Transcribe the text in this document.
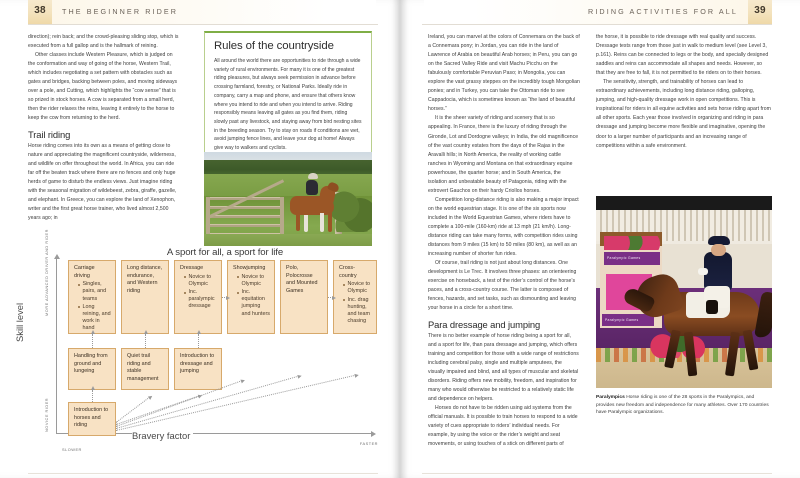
38	THE BEGINNER RIDER

direction); rein back; and the crowd-pleasing sliding stop, which is executed from a full gallop and is the hallmark of reining.

Other classes include Western Pleasure, which is judged on the conformation and way of going of the horse, Western Trail, which includes negotiating a set pattern with obstacles such as gates and bridges, backing between poles, and moving sideways over a pole, and Cutting, which highlights the “cow sense” that is so prized in stock horses. A cow is separated from a small herd, then the rider relaxes the reins, leaving it entirely to the horse to keep the cow from returning to the herd.

Trail riding

Horse riding comes into its own as a means of getting close to nature and appreciating the magnificent countryside, wilderness, and wildlife on offer throughout the world. In Africa, you can ride far off the beaten track where there are no fences and only huge herds of game to disturb the endless views. Just imagine riding with the seasonal migration of wildebeest, zebra, giraffe, gazelle, and elephant. In Greece, you can explore the land of Xenophon, writer and the first great horse trainer, who lived almost 2,500 years ago; in

Rules of the countryside

All around the world there are opportunities to ride through a wide variety of rural environments. For many it is one of the greatest riding pleasures, but always seek permission in advance before crossing farmland, forestry, or National Parks. Ideally ride in company, carry a map and phone, and ensure that others know where you intend to ride and when you intend to arrive. Riding responsibly means leaving all gates as you find them, riding slowly past any livestock, and staying away from bird nesting sites in the breeding season. Try to stay on roads if conditions are wet, avoid jumping fence lines, and leave your dog at home! Always give way to walkers and cyclists.

A sport for all, a sport for life
Skill level
Bravery factor
MORE ADVANCED DRIVER AND RIDER
NOVICE RIDER
SLOWER
FASTER
Carriage driving
Singles, pairs, and teams
Long reining, and work in hand
Long distance, endurance, and Western riding
Dressage
Novice to Olympic
Inc. paralympic dressage
Showjumping
Novice to Olympic
Inc. equitation jumping and hunters
Polo, Polocrosse and Mounted Games
Cross-country
Novice to Olympic
Inc. drag hunting, and team chasing
Handling from ground and lungeing
Quiet trail riding and stable management
Introduction to dressage and jumping
Introduction to horses and riding
39
RIDING ACTIVITIES FOR ALL

Ireland, you can marvel at the colors of Connemara on the back of a Connemara pony; in Jordan, you can ride in the land of Lawrence of Arabia on beautiful Arab horses; in Peru, you can go on the Sacred Valley Ride and visit Machu Picchu on the fabulously comfortable Peruvian Paso; in Mongolia, you can explore the vast grassy steppes on the incredibly tough Mongolian ponies; and in Turkey, you can take the Ottoman ride to see Cappadocia, which is sometimes known as “the land of beautiful horses.”

It is the sheer variety of riding and scenery that is so appealing. In France, there is the luxury of riding through the Gironde, Lot and Dordogne valleys; in India, the old magnificence of the vast country estates from the days of the Rajas in the Aravalli hills; in North America, the reality of working cattle ranches in Wyoming and Montana on that extraordinary equine powerhouse, the quarter horse; and in South America, the isolation and unbeatable beauty of Patagonia, riding with the extrovert Gauchos on their hardy Criollos horses.

Competition long-distance riding is also making a major impact on the world equestrian stage. It is one of the six sports now included in the World Equestrian Games, where riders have to complete a 100-mile (160-km) ride at 13 mph (21 km/h). Long-distance riding can take many forms, with competition rides using distances from 9 miles (15 km) to 50 miles (80 km), as well as an increasing number of shorter fun rides.

Of course, trail riding is not just about long distances. One development is Le Trec. It involves three phases: an orienteering exercise on horseback, a test of the rider’s control of the horse’s paces, and a cross-country course. The latter is composed of fences, hazards, and set tasks, such as dismounting and leaving your horse in a circle for a short time.

Para dressage and jumping

There is no better example of horse riding being a sport for all, and a sport for life, than para dressage and jumping, which offers training and competition for those with a wide range of restrictions including cerebral palsy, single and multiple amputees, the visually impaired and blind, and all types of muscular and skeletal disorders. Riding offers new mobility, freedom, and inspiration for many who would otherwise be restricted to a relatively static life and dependence on helpers.

Horses do not have to be ridden using aid systems from the official manuals. It is possible to train horses to respond to a wide variety of cues appropriate to riders’ individual needs. For example, by using the voice or the rider’s weight and seat movements, or using touches of a stick on different parts of

the horse, it is possible to ride dressage with real quality and success. Dressage tests range from those just in walk to medium level (see Level 3, p.161). Reins can be connected to legs or the body, and specially designed saddles and reins can accommodate all shapes and needs. However, so that they are free to fall, it is not permitted to tie riders on to their horses.

The sensitivity, strength, and trainability of horses can lead to extraordinary achievements, including long distance riding, galloping, jumping, and high-quality dressage work in open competitions. This is inspirational for riders in all equine activities and sets horse riding apart from all other sports. Each year those involved in organizing and riding in para dressage and jumping become more flexible and imaginative, opening the door to a larger number of participants and an increasing range of competitions within a safe environment.

Paralympic Games
Paralympic Games
Paralympics Horse riding is one of the 28 sports in the Paralympics, and provides new freedom and independence for many athletes. Over 170 countries have Paralympic organizations.
